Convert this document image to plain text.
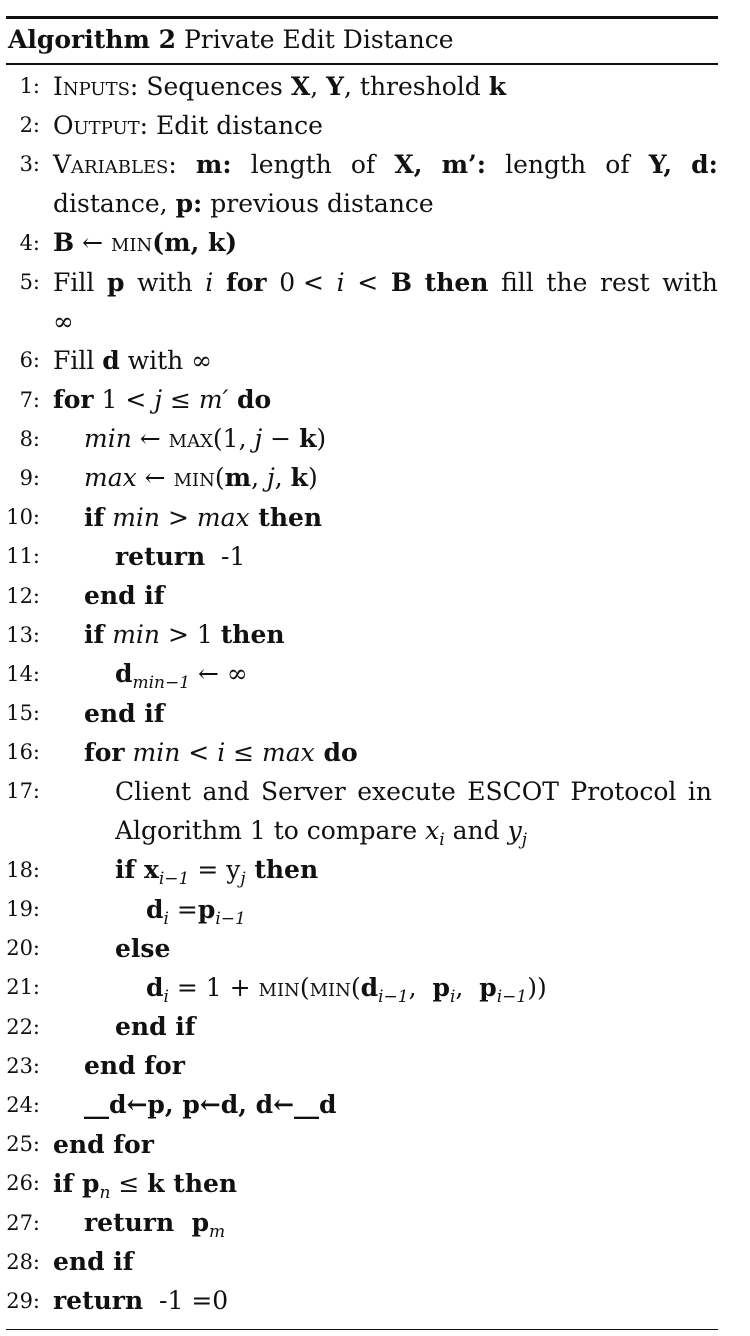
Algorithm 2 Private Edit Distance
1: Inputs: Sequences X, Y, threshold k
2: Output: Edit distance
3: Variables: m: length of X, m’: length of Y, d:
distance, p: previous distance
4: B ← min(m, k)
5: Fill p with i for 0 < i < B then fill the rest with
∞
6: Fill d with ∞
7: for 1 < j ≤ m′ do
8:	min ← max(1, j − k)
9:	max ← min(m, j, k)
10:	if min > max then
11:	return  -1
12:	end if
13:	if min > 1 then
14:	$d_{min-1}$ ← ∞
15:	end if
16:	for min < i ≤ max do
17:	Client and Server execute ESCOT Protocol in
Algorithm 1 to compare $x_i$ and $y_j$
18:	if $x_{i-1} = y_j$ then
19:	$d_i =p_{i-1}$
20:	else
21:	$d_i = 1 + \min(\min(d_{i-1}$,  $p_i$,  $p_{i-1}$))
22:	end if
23:	end for
24:	__d←p, p←d, d←__d
25: end for
26: if $p_n \le k$ then
27:	return  $p_m$
28: end if
29: return  -1 =0
